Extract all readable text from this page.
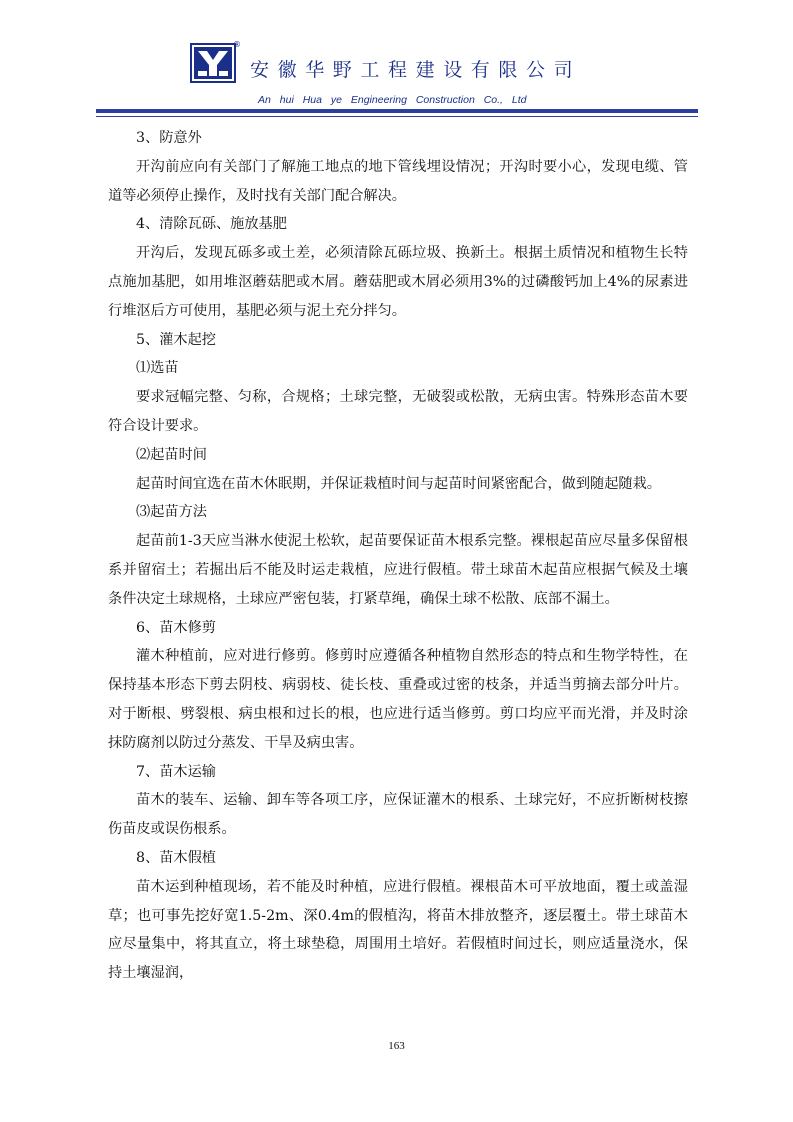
®
安徽华野工程建设有限公司
An hui Hua ye Engineering Construction Co., Ltd

3、防意外

开沟前应向有关部门了解施工地点的地下管线埋设情况；开沟时要小心，发现电缆、管道等必须停止操作，及时找有关部门配合解决。

4、清除瓦砾、施放基肥

开沟后，发现瓦砾多或土差，必须清除瓦砾垃圾、换新土。根据土质情况和植物生长特点施加基肥，如用堆沤蘑菇肥或木屑。蘑菇肥或木屑必须用3%的过磷酸钙加上4%的尿素进行堆沤后方可使用，基肥必须与泥土充分拌匀。

5、灌木起挖

⑴选苗

要求冠幅完整、匀称，合规格；土球完整，无破裂或松散，无病虫害。特殊形态苗木要符合设计要求。

⑵起苗时间

起苗时间宜选在苗木休眠期，并保证栽植时间与起苗时间紧密配合，做到随起随栽。

⑶起苗方法

起苗前1-3天应当淋水使泥土松软，起苗要保证苗木根系完整。裸根起苗应尽量多保留根系并留宿土；若掘出后不能及时运走栽植，应进行假植。带土球苗木起苗应根据气候及土壤条件决定土球规格，土球应严密包装，打紧草绳，确保土球不松散、底部不漏土。

6、苗木修剪

灌木种植前，应对进行修剪。修剪时应遵循各种植物自然形态的特点和生物学特性，在保持基本形态下剪去阴枝、病弱枝、徒长枝、重叠或过密的枝条，并适当剪摘去部分叶片。对于断根、劈裂根、病虫根和过长的根，也应进行适当修剪。剪口均应平而光滑，并及时涂抹防腐剂以防过分蒸发、干旱及病虫害。

7、苗木运输

苗木的装车、运输、卸车等各项工序，应保证灌木的根系、土球完好，不应折断树枝擦伤苗皮或误伤根系。

8、苗木假植

苗木运到种植现场，若不能及时种植，应进行假植。裸根苗木可平放地面，覆土或盖湿草；也可事先挖好宽1.5-2m、深0.4m的假植沟，将苗木排放整齐，逐层覆土。带土球苗木应尽量集中，将其直立，将土球垫稳，周围用土培好。若假植时间过长，则应适量浇水，保持土壤湿润，

163
